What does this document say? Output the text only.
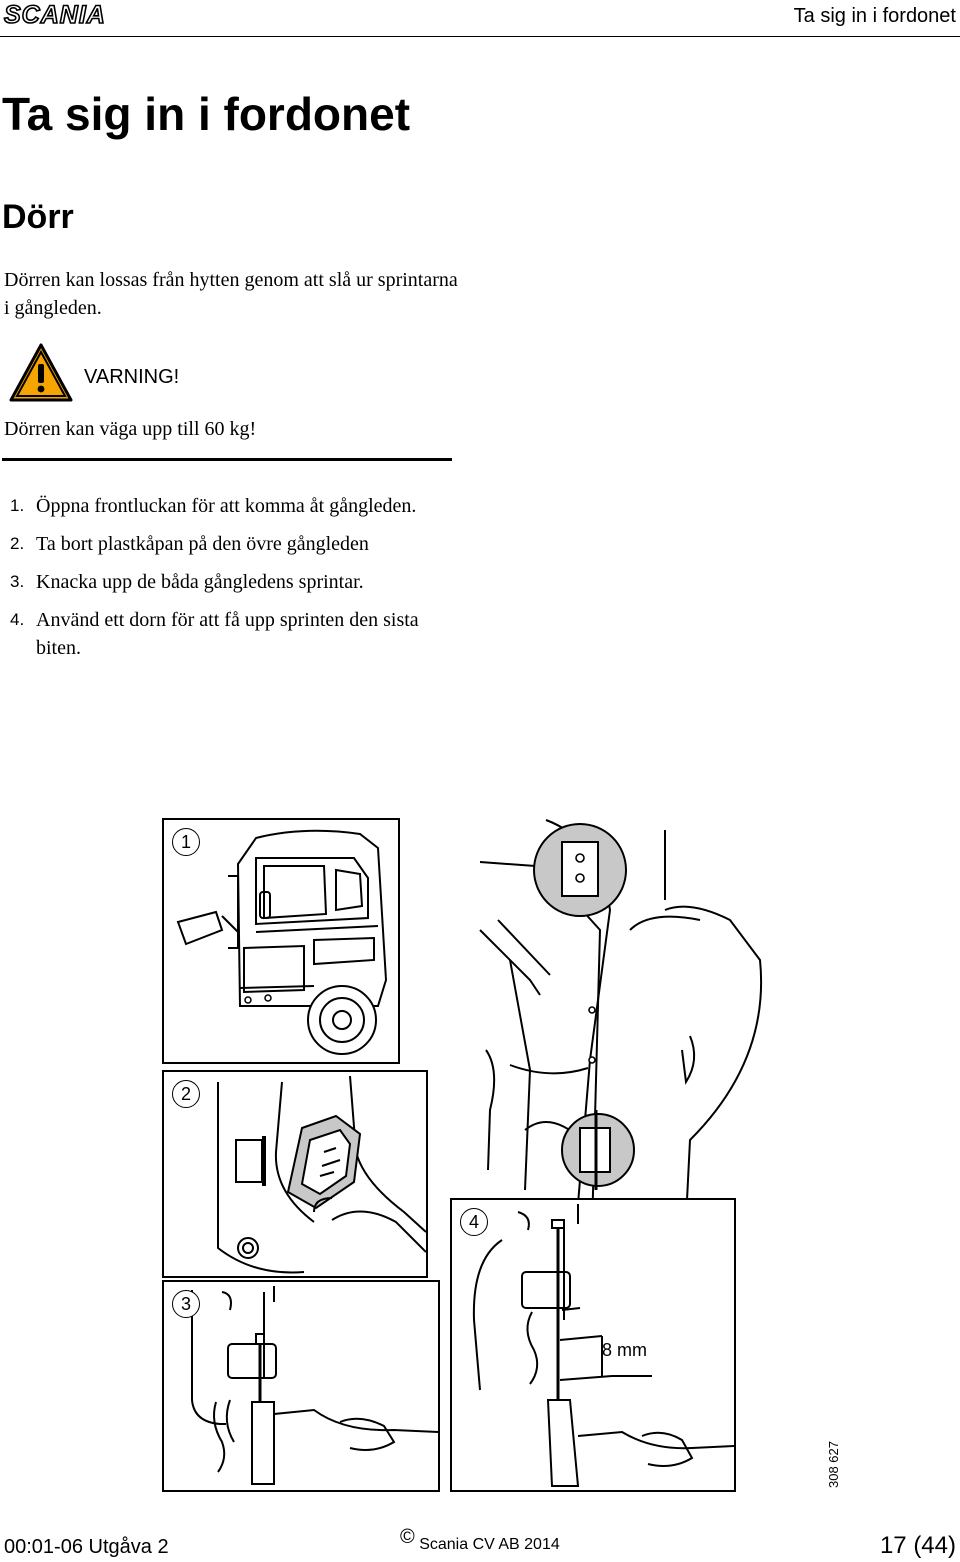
SCANIA	Ta sig in i fordonet
Ta sig in i fordonet
Dörr

Dörren kan lossas från hytten genom att slå ur sprintarna i gångleden.

VARNING!
Dörren kan väga upp till 60 kg!
1. Öppna frontluckan för att komma åt gångleden.
2. Ta bort plastkåpan på den övre gångleden
3. Knacka upp de båda gångledens sprintar.
4. Använd ett dorn för att få upp sprinten den sista biten.
1
2
3
4
8 mm
308 627
00:01-06 Utgåva 2	© Scania CV AB 2014	17 (44)
